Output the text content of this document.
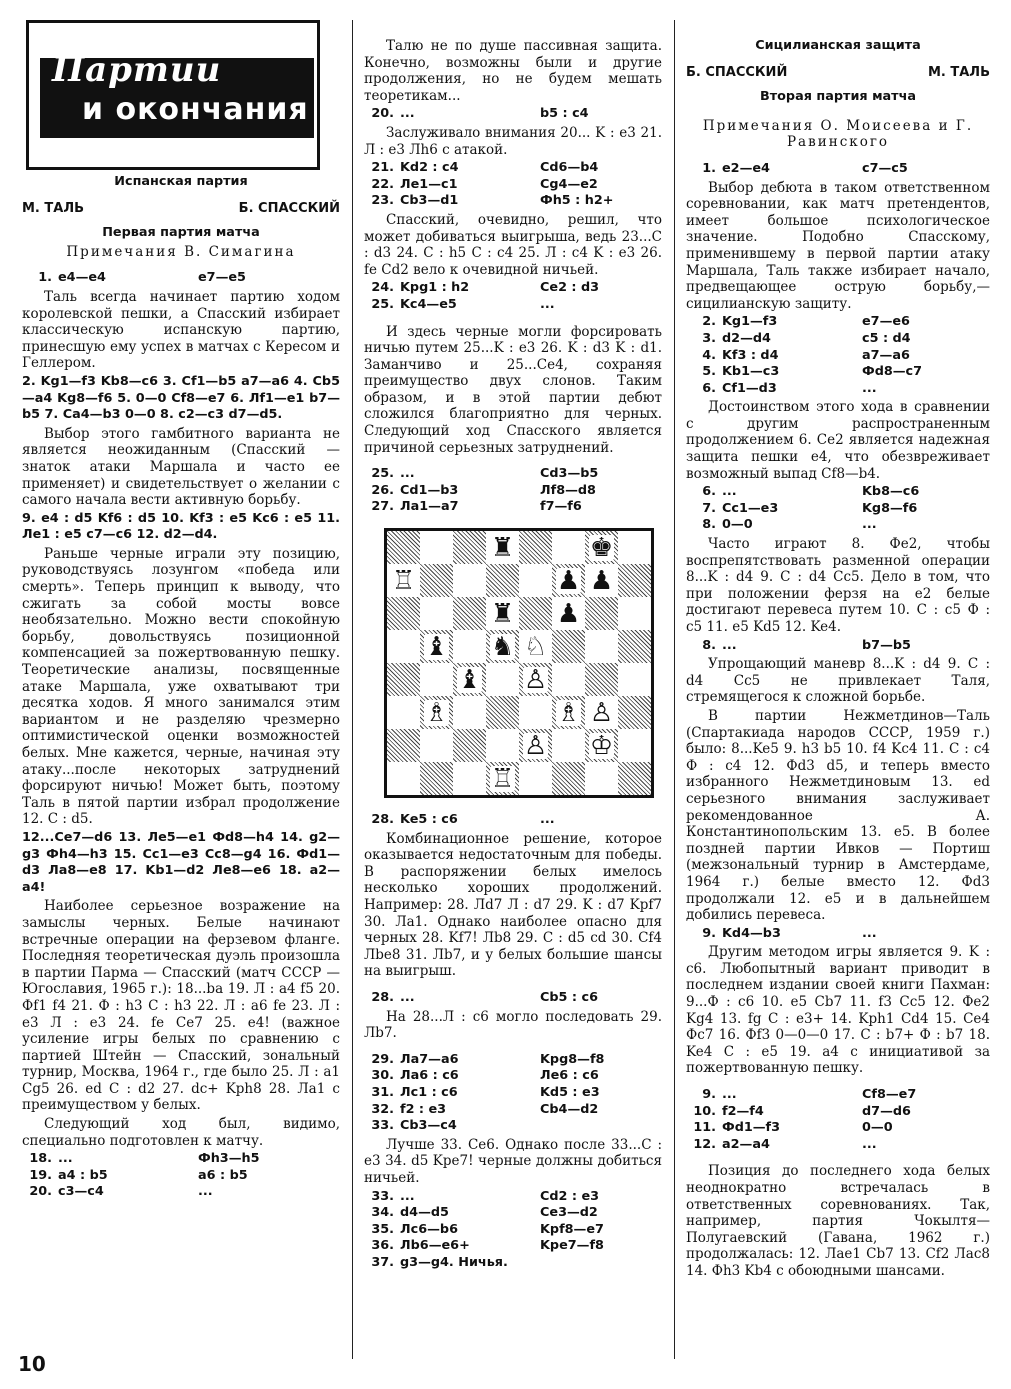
Партии
и окончания

Испанская партия

М. ТАЛЬ	Б. СПАССКИЙ

Первая партия матча

Примечания В. Симагина

1. e4—e4	e7—e5

Таль всегда начинает партию ходом королевской пешки, а Спасский избирает классическую испанскую партию, принесшую ему успех в матчах с Кересом и Геллером.

2. Kg1—f3 Kb8—c6 3. Cf1—b5 a7—a6 4. Cb5—a4 Kg8—f6 5. 0—0 Cf8—e7 6. Лf1—e1 b7—b5 7. Ca4—b3 0—0 8. c2—c3 d7—d5.

Выбор этого гамбитного варианта не является неожиданным (Спасский — знаток атаки Маршала и часто ее применяет) и свидетельствует о желании с самого начала вести активную борьбу.

9. e4 : d5 Kf6 : d5 10. Kf3 : e5 Kc6 : e5 11. Ле1 : e5 c7—c6 12. d2—d4.

Раньше черные играли эту позицию, руководствуясь лозунгом «победа или смерть». Теперь принцип к выводу, что сжигать за собой мосты вовсе необязательно. Можно вести спокойную борьбу, довольствуясь позиционной компенсацией за пожертвованную пешку. Теоретические анализы, посвященные атаке Маршала, уже охватывают три десятка ходов. Я много занимался этим вариантом и не разделяю чрезмерно оптимистической оценки возможностей белых. Мне кажется, черные, начиная эту атаку...после некоторых затруднений форсируют ничью! Может быть, поэтому Таль в пятой партии избрал продолжение 12. C : d5.

12...Ce7—d6 13. Ле5—e1 Фd8—h4 14. g2—g3 Фh4—h3 15. Cc1—e3 Cc8—g4 16. Фd1—d3 Ла8—e8 17. Kb1—d2 Ле8—e6 18. a2—a4!

Наиболее серьезное возражение на замыслы черных. Белые начинают встречные операции на ферзевом фланге. Последняя теоретическая дуэль произошла в партии Парма — Спасский (матч СССР — Югославия, 1965 г.): 18...ba 19. Л : a4 f5 20. Фf1 f4 21. Ф : h3 C : h3 22. Л : a6 fe 23. Л : e3 Л : e3 24. fe Ce7 25. e4! (важное усиление игры белых по сравнению с партией Штейн — Спасский, зональный турнир, Москва, 1964 г., где было 25. Л : a1 Cg5 26. ed C : d2 27. dc+ Kph8 28. Ла1 с преимуществом у белых.

Следующий ход был, видимо, специально подготовлен к матчу.

18. ...	Фh3—h5
19. a4 : b5	a6 : b5
20. c3—c4	...

Талю не по душе пассивная защита. Конечно, возможны были и другие продолжения, но не будем мешать теоретикам...

20. ...	b5 : c4

Заслуживало внимания 20... K : e3 21. Л : e3 Лh6 с атакой.

21. Kd2 : c4	Cd6—b4
22. Ле1—c1	Cg4—e2
23. Cb3—d1	Фh5 : h2+

Спасский, очевидно, решил, что может добиваться выигрыша, ведь 23...C : d3 24. C : h5 C : c4 25. Л : c4 K : e3 26. fe Cd2 вело к очевидной ничьей.

24. Kpg1 : h2	Ce2 : d3
25. Kc4—e5	...

И здесь черные могли форсировать ничью путем 25...K : e3 26. K : d3 K : d1. Заманчиво и 25...Ce4, сохраняя преимущество двух слонов. Таким образом, и в этой партии дебют сложился благоприятно для черных. Следующий ход Спасского является причиной серьезных затруднений.

25. ...	Cd3—b5
26. Cd1—b3	Лf8—d8
27. Ла1—a7	f7—f6
♜	♚
♖	♟ ♟
♜ ♟
♝ ♞ ♘
♝ ♙
♗	♗ ♙
♙ ♔
♖
28. Ke5 : c6	...

Комбинационное решение, которое оказывается недостаточным для победы. В распоряжении белых имелось несколько хороших продолжений. Например: 28. Лd7 Л : d7 29. K : d7 Kpf7 30. Ла1. Однако наиболее опасно для черных 28. Kf7! Лb8 29. C : d5 cd 30. Cf4 Лbe8 31. Лb7, и у белых большие шансы на выигрыш.

28. ...	Cb5 : c6

На 28...Л : c6 могло последовать 29. Лb7.

29. Ла7—a6	Kpg8—f8
30. Ла6 : c6	Ле6 : c6
31. Лс1 : c6	Kd5 : e3
32. f2 : e3	Cb4—d2
33. Cb3—c4

Лучше 33. Ce6. Однако после 33...C : e3 34. d5 Kpe7! черные должны добиться ничьей.

33. ...	Cd2 : e3
34. d4—d5	Ce3—d2
35. Лc6—b6	Kpf8—e7
36. Лb6—e6+	Kpe7—f8
37. g3—g4. Ничья.

Сицилианская защита

Б. СПАССКИЙ	М. ТАЛЬ

Вторая партия матча

Примечания О. Моисеева и Г. Равинского

1. e2—e4	c7—c5

Выбор дебюта в таком ответственном соревновании, как матч претендентов, имеет большое психологическое значение. Подобно Спасскому, применившему в первой партии атаку Маршала, Таль также избирает начало, предвещающее острую борьбу,—сицилианскую защиту.

2. Kg1—f3	e7—e6
3. d2—d4	c5 : d4
4. Kf3 : d4	a7—a6
5. Kb1—c3	Фd8—c7
6. Cf1—d3	...

Достоинством этого хода в сравнении с другим распространенным продолжением 6. Ce2 является надежная защита пешки e4, что обезвреживает возможный выпад Cf8—b4.

6. ...	Kb8—c6
7. Cc1—e3	Kg8—f6
8. 0—0	...

Часто играют 8. Фe2, чтобы воспрепятствовать разменной операции 8...K : d4 9. C : d4 Cc5. Дело в том, что при положении ферзя на e2 белые достигают перевеса путем 10. C : c5 Ф : c5 11. e5 Kd5 12. Ke4.

8. ...	b7—b5

Упрощающий маневр 8...K : d4 9. C : d4 Cc5 не привлекает Таля, стремящегося к сложной борьбе.

В партии Нежметдинов—Таль (Спартакиада народов СССР, 1959 г.) было: 8...Ke5 9. h3 b5 10. f4 Kc4 11. C : c4 Ф : c4 12. Фd3 d5, и теперь вместо избранного Нежметдиновым 13. ed серьезного внимания заслуживает рекомендованное А. Константинопольским 13. e5. В более поздней партии Ивков — Портиш (межзональный турнир в Амстердаме, 1964 г.) белые вместо 12. Фd3 продолжали 12. e5 и в дальнейшем добились перевеса.

9. Kd4—b3	...

Другим методом игры является 9. K : c6. Любопытный вариант приводит в последнем издании своей книги Пахман: 9...Ф : c6 10. e5 Cb7 11. f3 Cc5 12. Фe2 Kg4 13. fg C : e3+ 14. Kph1 Cd4 15. Ce4 Фc7 16. Фf3 0—0—0 17. C : b7+ Ф : b7 18. Ke4 C : e5 19. a4 с инициативой за пожертвованную пешку.

9. ...	Cf8—e7
10. f2—f4	d7—d6
11. Фd1—f3	0—0
12. a2—a4	...

Позиция до последнего хода белых неоднократно встречалась в ответственных соревнованиях. Так, например, партия Чокылтя—Полугаевский (Гавана, 1962 г.) продолжалась: 12. Лае1 Cb7 13. Cf2 Лас8 14. Фh3 Kb4 с обоюдными шансами.

10
